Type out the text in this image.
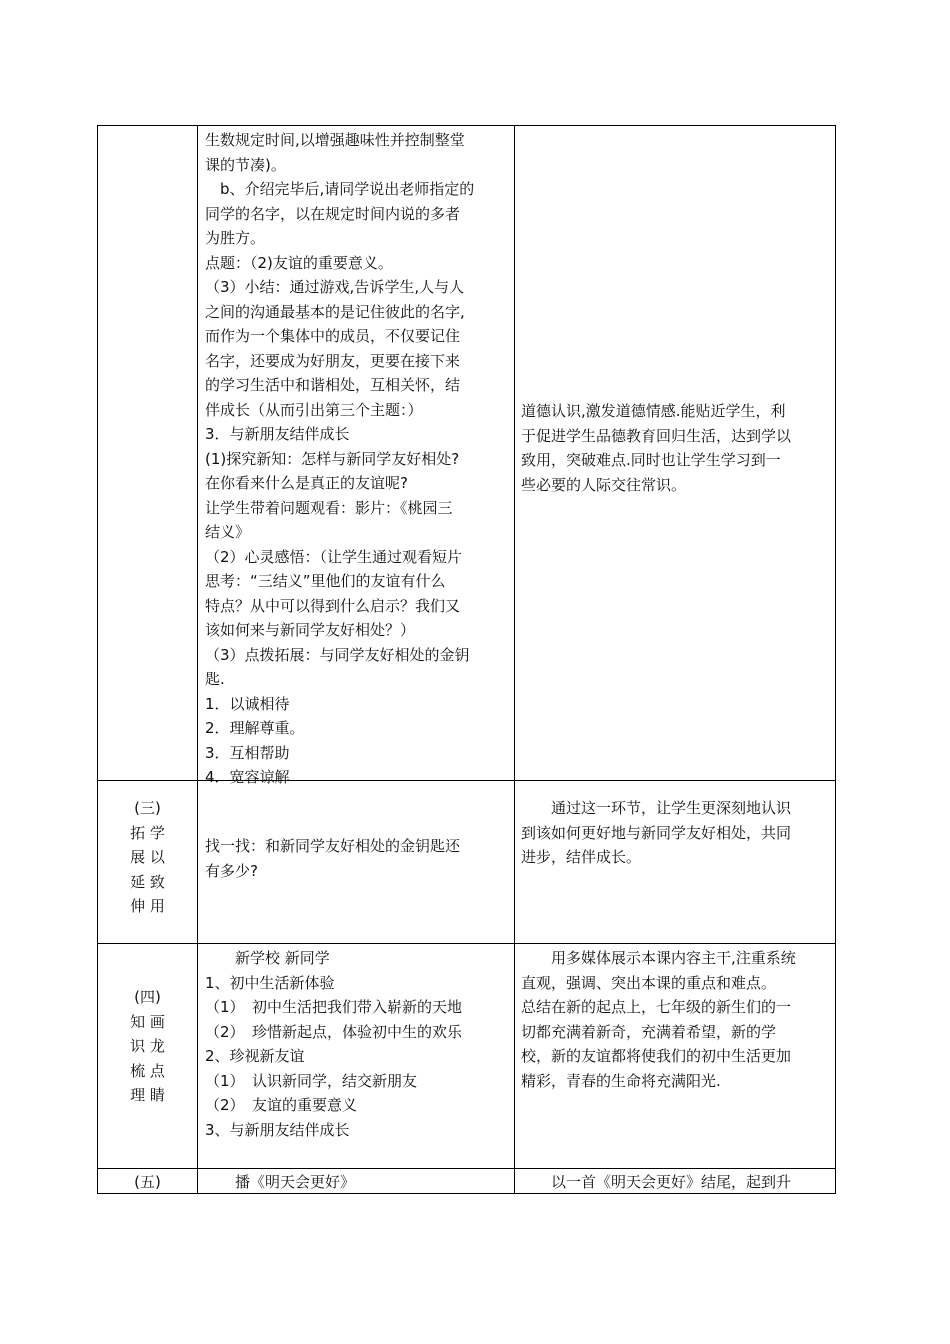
生数规定时间,以增强趣味性并控制整堂
课的节凑)。
　b、介绍完毕后,请同学说出老师指定的
同学的名字，以在规定时间内说的多者
为胜方。
点题：（2)友谊的重要意义。
（3）小结：通过游戏,告诉学生,人与人
之间的沟通最基本的是记住彼此的名字,
而作为一个集体中的成员，不仅要记住
名字，还要成为好朋友，更要在接下来
的学习生活中和谐相处，互相关怀，结
伴成长（从而引出第三个主题：）
3．与新朋友结伴成长
(1)探究新知：怎样与新同学友好相处?
在你看来什么是真正的友谊呢?
让学生带着问题观看：影片：《桃园三
结义》
（2）心灵感悟：（让学生通过观看短片
思考：“三结义”里他们的友谊有什么
特点？从中可以得到什么启示？我们又
该如何来与新同学友好相处？）
（3）点拨拓展：与同学友好相处的金钥
匙.
1．以诚相待
2．理解尊重。
3．互相帮助
4．宽容谅解
道德认识,激发道德情感.能贴近学生，利
于促进学生品德教育回归生活，达到学以
致用，突破难点.同时也让学生学习到一
些必要的人际交往常识。
(三)
拓 学
展 以
延 致
伸 用
找一找：和新同学友好相处的金钥匙还
有多少?
　　通过这一环节，让学生更深刻地认识
到该如何更好地与新同学友好相处，共同
进步，结伴成长。
(四)
知 画
识 龙
梳 点
理 睛
　　新学校 新同学
1、初中生活新体验
（1）　初中生活把我们带入崭新的天地
（2）　珍惜新起点，体验初中生的欢乐
2、珍视新友谊
（1）　认识新同学，结交新朋友
（2）　友谊的重要意义
3、与新朋友结伴成长
　　用多媒体展示本课内容主干,注重系统
直观，强调、突出本课的重点和难点。
总结在新的起点上，七年级的新生们的一
切都充满着新奇，充满着希望，新的学
校，新的友谊都将使我们的初中生活更加
精彩，青春的生命将充满阳光.
(五)	　　播《明天会更好》	　　以一首《明天会更好》结尾，起到升
